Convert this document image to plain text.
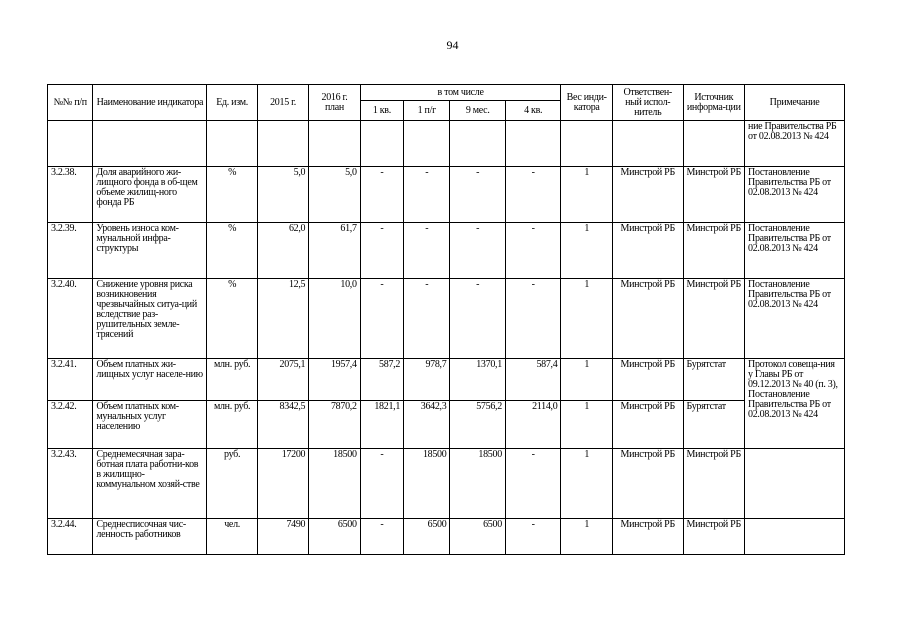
94
№№ п/п	Наименование индикатора	Ед. изм.	2015 г.	2016 г. план	в том числе				Вес инди-катора	Ответствен-ный испол-нитель	Источник информа-ции	Примечание
					1 кв.	1 п/г	9 мес.	4 кв.				
												ние Правительства РБ от 02.08.2013 № 424
3.2.38.	Доля аварийного жи-лищного фонда в об-щем объеме жилищ-ного фонда РБ	%	5,0	5,0	-	-	-	-	1	Минстрой РБ	Минстрой РБ	Постановление Правительства РБ от 02.08.2013 № 424
3.2.39.	Уровень износа ком-мунальной инфра-структуры	%	62,0	61,7	-	-	-	-	1	Минстрой РБ	Минстрой РБ	Постановление Правительства РБ от 02.08.2013 № 424
3.2.40.	Снижение уровня риска возникновения чрезвычайных ситуа-ций вследствие раз-рушительных земле-трясений	%	12,5	10,0	-	-	-	-	1	Минстрой РБ	Минстрой РБ	Постановление Правительства РБ от 02.08.2013 № 424
3.2.41.	Объем платных жи-лищных услуг населе-нию	млн. руб.	2075,1	1957,4	587,2	978,7	1370,1	587,4	1	Минстрой РБ	Бурятстат	Протокол совеща-ния у Главы РБ от 09.12.2013 № 40 (п. 3), Постановление Правительства РБ от 02.08.2013 № 424
3.2.42.	Объем платных ком-мунальных услуг населению	млн. руб.	8342,5	7870,2	1821,1	3642,3	5756,2	2114,0	1	Минстрой РБ	Бурятстат	
3.2.43.	Среднемесячная зара-ботная плата работни-ков в жилищно-коммунальном хозяй-стве	руб.	17200	18500	-	18500	18500	-	1	Минстрой РБ	Минстрой РБ	
3.2.44.	Среднесписочная чис-ленность работников	чел.	7490	6500	-	6500	6500	-	1	Минстрой РБ	Минстрой РБ	
